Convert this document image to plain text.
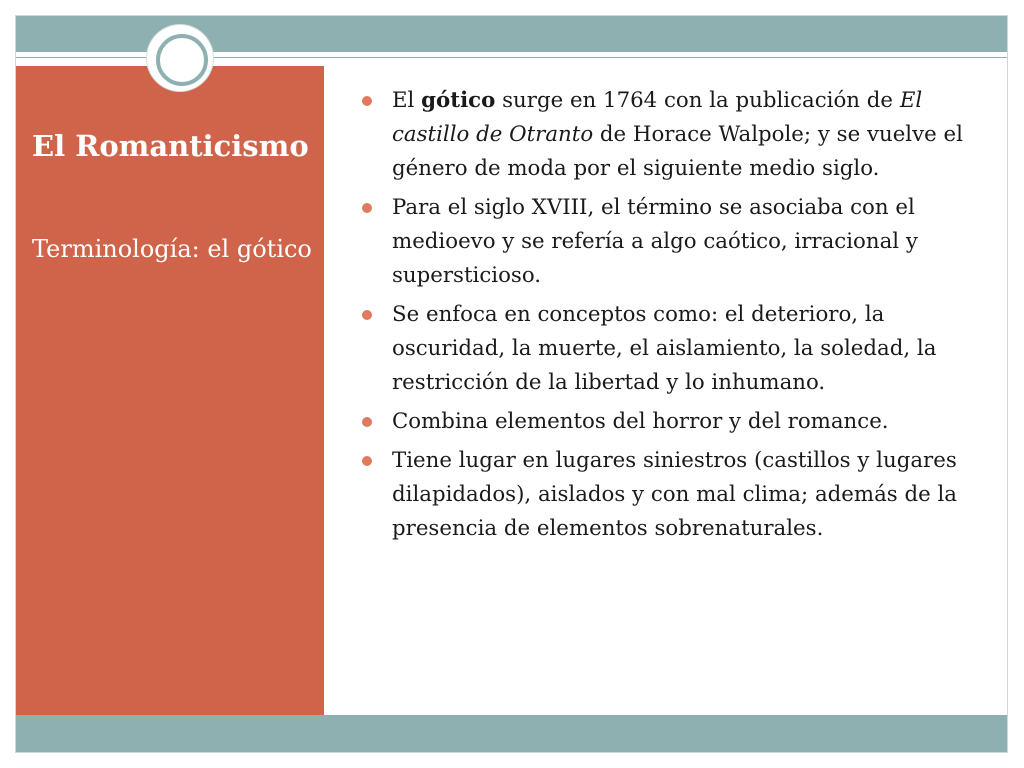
El Romanticismo

Terminología: el gótico

El gótico surge en 1764 con la publicación de El castillo de Otranto de Horace Walpole; y se vuelve el género de moda por el siguiente medio siglo.
Para el siglo XVIII, el término se asociaba con el medioevo y se refería a algo caótico, irracional y supersticioso.
Se enfoca en conceptos como: el deterioro, la oscuridad, la muerte, el aislamiento, la soledad, la restricción de la libertad y lo inhumano.
Combina elementos del horror y del romance.
Tiene lugar en lugares siniestros (castillos y lugares dilapidados), aislados y con mal clima; además de la presencia de elementos sobrenaturales.
